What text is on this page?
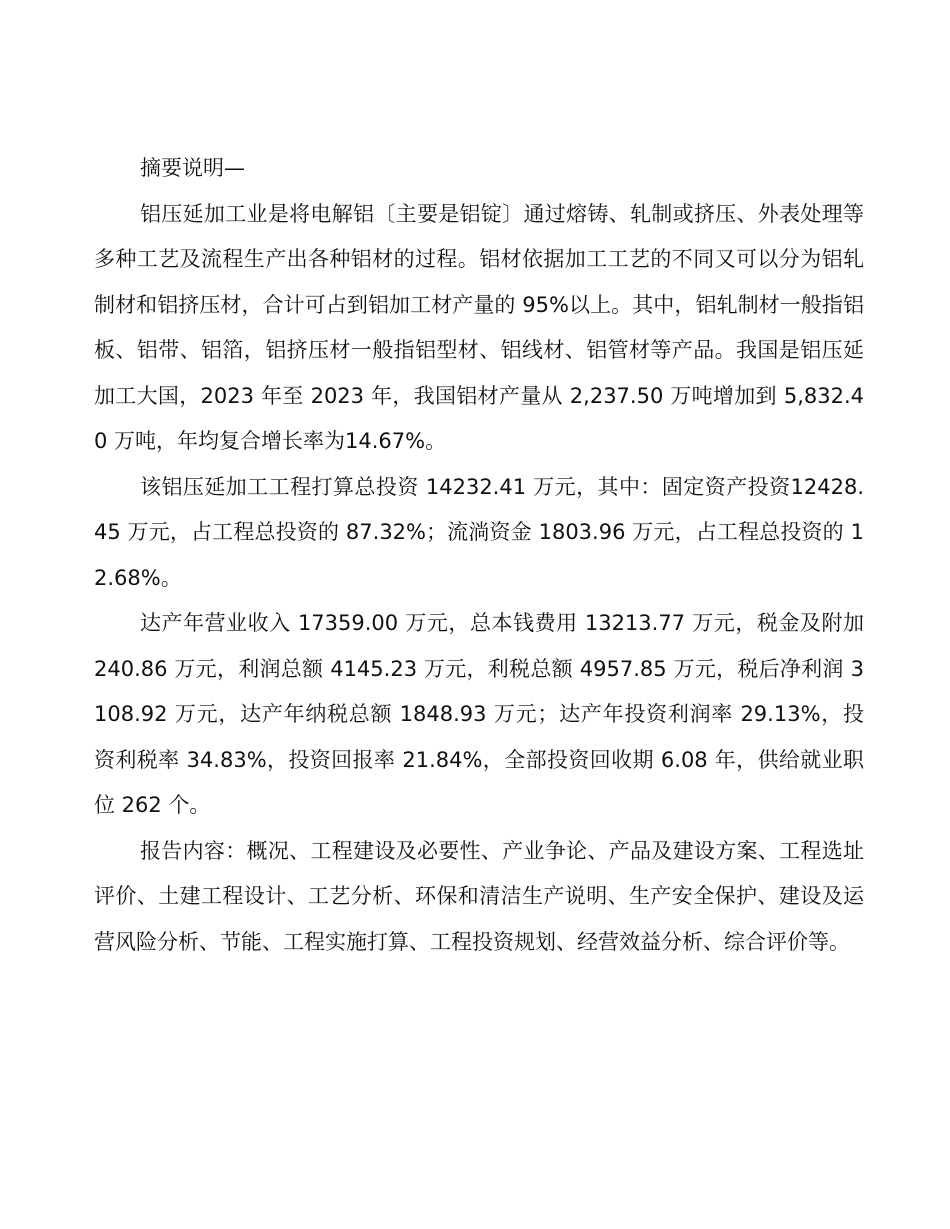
摘要说明—

铝压延加工业是将电解铝〔主要是铝锭〕通过熔铸、轧制或挤压、外表处理等多种工艺及流程生产出各种铝材的过程。铝材依据加工工艺的不同又可以分为铝轧制材和铝挤压材，合计可占到铝加工材产量的 95%以上。其中，铝轧制材一般指铝板、铝带、铝箔，铝挤压材一般指铝型材、铝线材、铝管材等产品。我国是铝压延加工大国，2023 年至 2023 年，我国铝材产量从 2,237.50 万吨增加到 5,832.40 万吨，年均复合增长率为14.67%。

该铝压延加工工程打算总投资 14232.41 万元，其中：固定资产投资12428.45 万元，占工程总投资的 87.32%；流淌资金 1803.96 万元，占工程总投资的 12.68%。

达产年营业收入 17359.00 万元，总本钱费用 13213.77 万元，税金及附加 240.86 万元，利润总额 4145.23 万元，利税总额 4957.85 万元，税后净利润 3108.92 万元，达产年纳税总额 1848.93 万元；达产年投资利润率 29.13%，投资利税率 34.83%，投资回报率 21.84%，全部投资回收期 6.08 年，供给就业职位 262 个。

报告内容：概况、工程建设及必要性、产业争论、产品及建设方案、工程选址评价、土建工程设计、工艺分析、环保和清洁生产说明、生产安全保护、建设及运营风险分析、节能、工程实施打算、工程投资规划、经营效益分析、综合评价等。
